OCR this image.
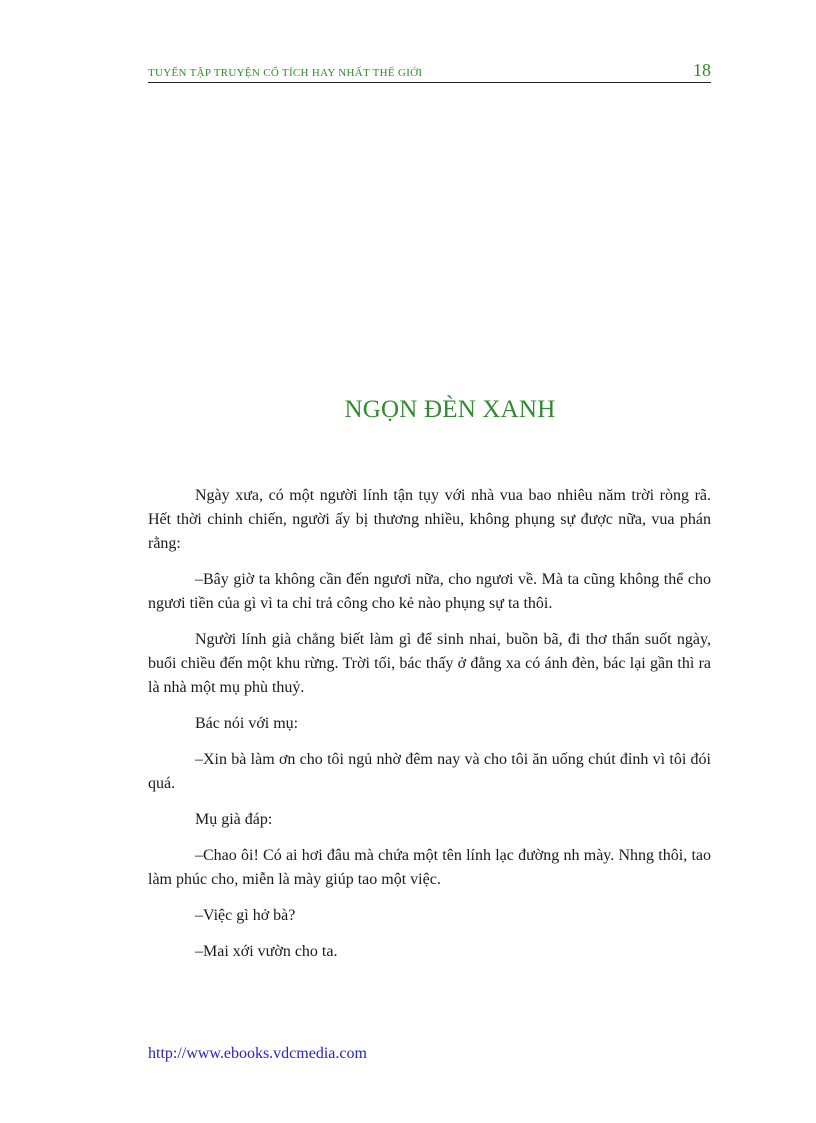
TUYỂN TẬP TRUYỆN CỔ TÍCH HAY NHẤT THẾ GIỚI	18
NGỌN ĐÈN XANH

Ngày xưa, có một người lính tận tụy với nhà vua bao nhiêu năm trời ròng rã. Hết thời chinh chiến, người ấy bị thương nhiều, không phụng sự được nữa, vua phán rằng:

–Bây giờ ta không cần đến ngươi nữa, cho ngươi về. Mà ta cũng không thể cho ngươi tiền của gì vì ta chỉ trả công cho kẻ nào phụng sự ta thôi.

Người lính già chẳng biết làm gì để sinh nhai, buồn bã, đi thơ thẩn suốt ngày, buổi chiều đến một khu rừng. Trời tối, bác thấy ở đằng xa có ánh đèn, bác lại gần thì ra là nhà một mụ phù thuỷ.

Bác nói với mụ:

–Xin bà làm ơn cho tôi ngủ nhờ đêm nay và cho tôi ăn uống chút đỉnh vì tôi đói quá.

Mụ già đáp:

–Chao ôi! Có ai hơi đâu mà chứa một tên lính lạc đường nh mày. Nhng thôi, tao làm phúc cho, miễn là mày giúp tao một việc.

–Việc gì hở bà?

–Mai xới vườn cho ta.

http://www.ebooks.vdcmedia.com
